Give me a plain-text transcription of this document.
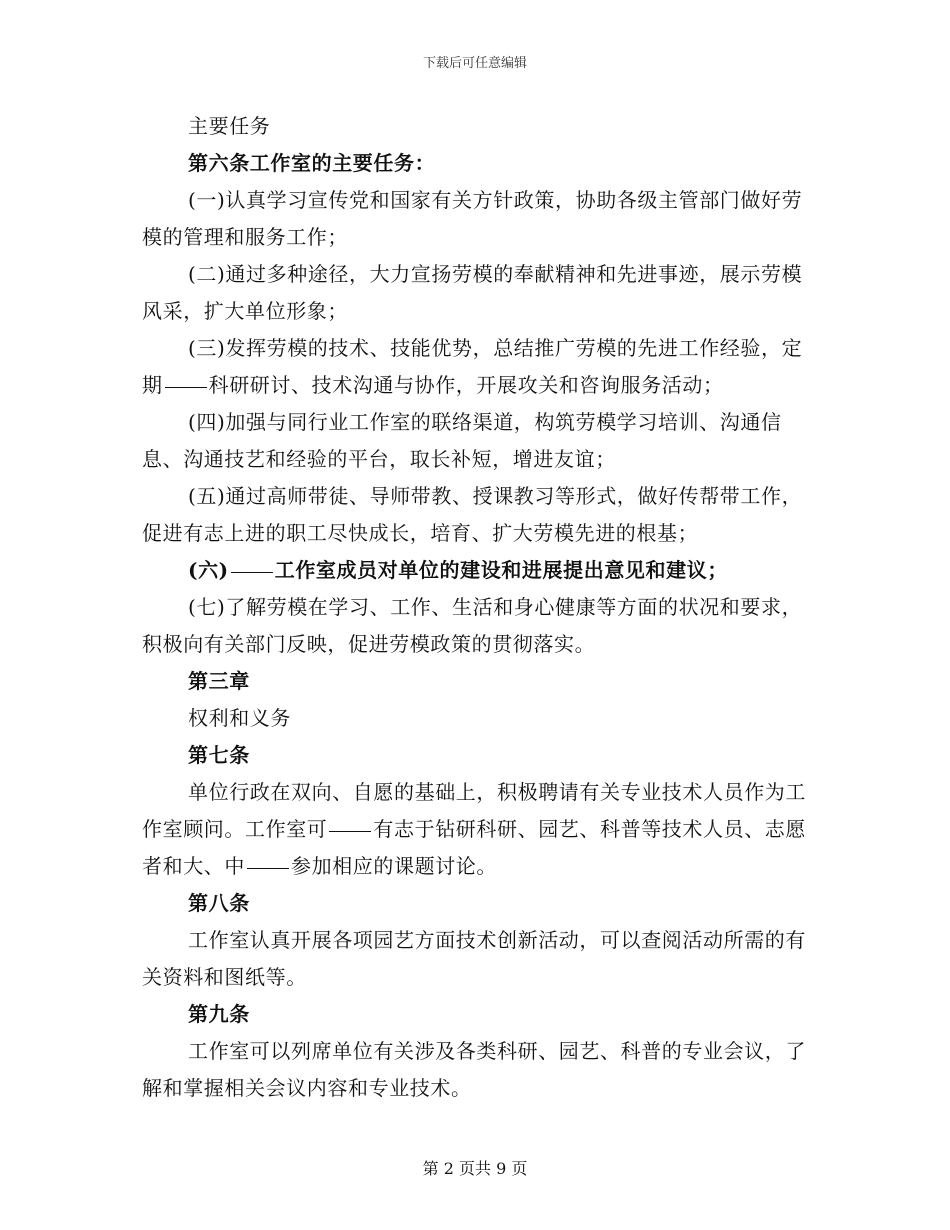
下载后可任意编辑

主要任务

第六条工作室的主要任务：

(一)认真学习宣传党和国家有关方针政策，协助各级主管部门做好劳模的管理和服务工作；

(二)通过多种途径，大力宣扬劳模的奉献精神和先进事迹，展示劳模风采，扩大单位形象；

(三)发挥劳模的技术、技能优势，总结推广劳模的先进工作经验，定期 科研研讨、技术沟通与协作，开展攻关和咨询服务活动；

(四)加强与同行业工作室的联络渠道，构筑劳模学习培训、沟通信息、沟通技艺和经验的平台，取长补短，增进友谊；

(五)通过高师带徒、导师带教、授课教习等形式，做好传帮带工作，促进有志上进的职工尽快成长，培育、扩大劳模先进的根基；

(六) 工作室成员对单位的建设和进展提出意见和建议；

(七)了解劳模在学习、工作、生活和身心健康等方面的状况和要求，积极向有关部门反映，促进劳模政策的贯彻落实。

第三章

权利和义务

第七条

单位行政在双向、自愿的基础上，积极聘请有关专业技术人员作为工作室顾问。工作室可 有志于钻研科研、园艺、科普等技术人员、志愿者和大、中 参加相应的课题讨论。

第八条

工作室认真开展各项园艺方面技术创新活动，可以查阅活动所需的有关资料和图纸等。

第九条

工作室可以列席单位有关涉及各类科研、园艺、科普的专业会议，了解和掌握相关会议内容和专业技术。

第 2 页共 9 页
